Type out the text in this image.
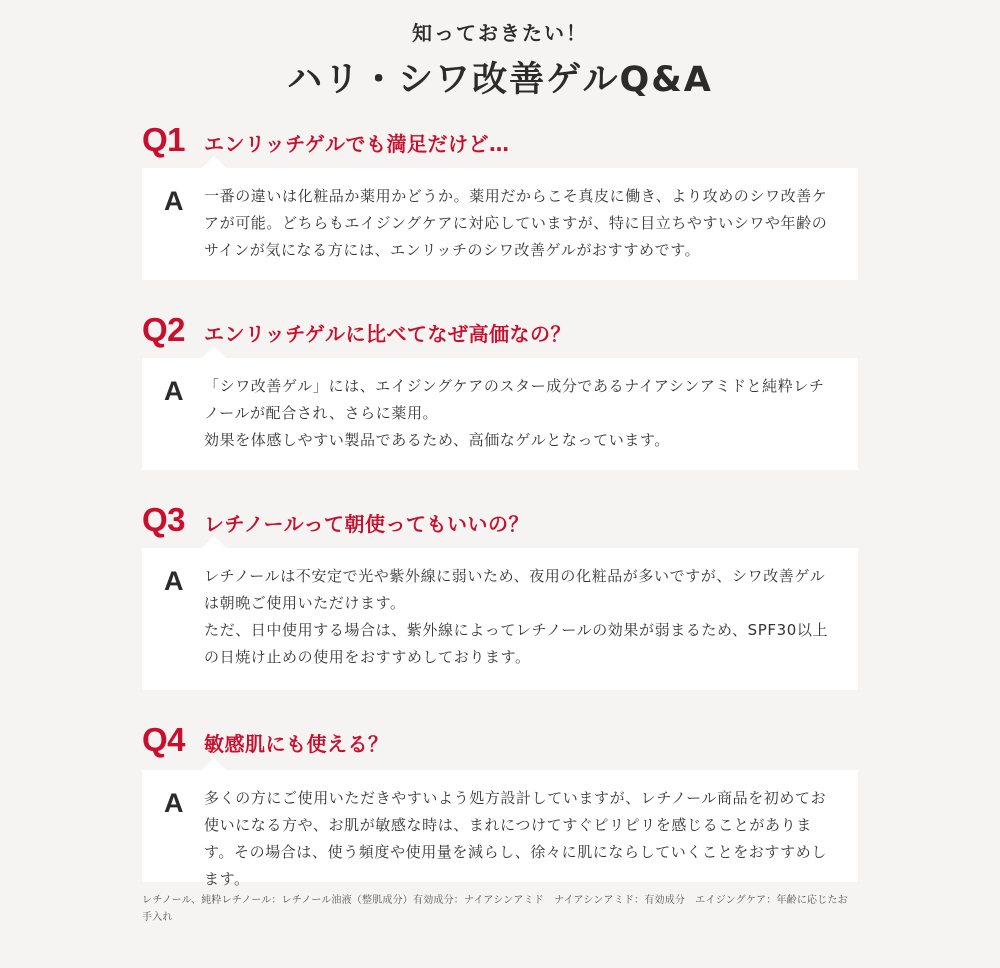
知っておきたい！
ハリ・シワ改善ゲルQ&A
Q1 エンリッチゲルでも満足だけど…
A 一番の違いは化粧品か薬用かどうか。薬用だからこそ真皮に働き、より攻めのシワ改善ケアが可能。どちらもエイジングケアに対応していますが、特に目立ちやすいシワや年齢のサインが気になる方には、エンリッチのシワ改善ゲルがおすすめです。

Q2 エンリッチゲルに比べてなぜ高価なの？
A 「シワ改善ゲル」には、エイジングケアのスター成分であるナイアシンアミドと純粋レチノールが配合され、さらに薬用。

効果を体感しやすい製品であるため、高価なゲルとなっています。

Q3 レチノールって朝使ってもいいの？
A レチノールは不安定で光や紫外線に弱いため、夜用の化粧品が多いですが、シワ改善ゲルは朝晩ご使用いただけます。

ただ、日中使用する場合は、紫外線によってレチノールの効果が弱まるため、SPF30以上の日焼け止めの使用をおすすめしております。

Q4 敏感肌にも使える？
A 多くの方にご使用いただきやすいよう処方設計していますが、レチノール商品を初めてお使いになる方や、お肌が敏感な時は、まれにつけてすぐピリピリを感じることがあります。その場合は、使う頻度や使用量を減らし、徐々に肌にならしていくことをおすすめします。

レチノール、純粋レチノール：レチノール油液（整肌成分）有効成分：ナイアシンアミド　ナイアシンアミド：有効成分　エイジングケア：年齢に応じたお手入れ
